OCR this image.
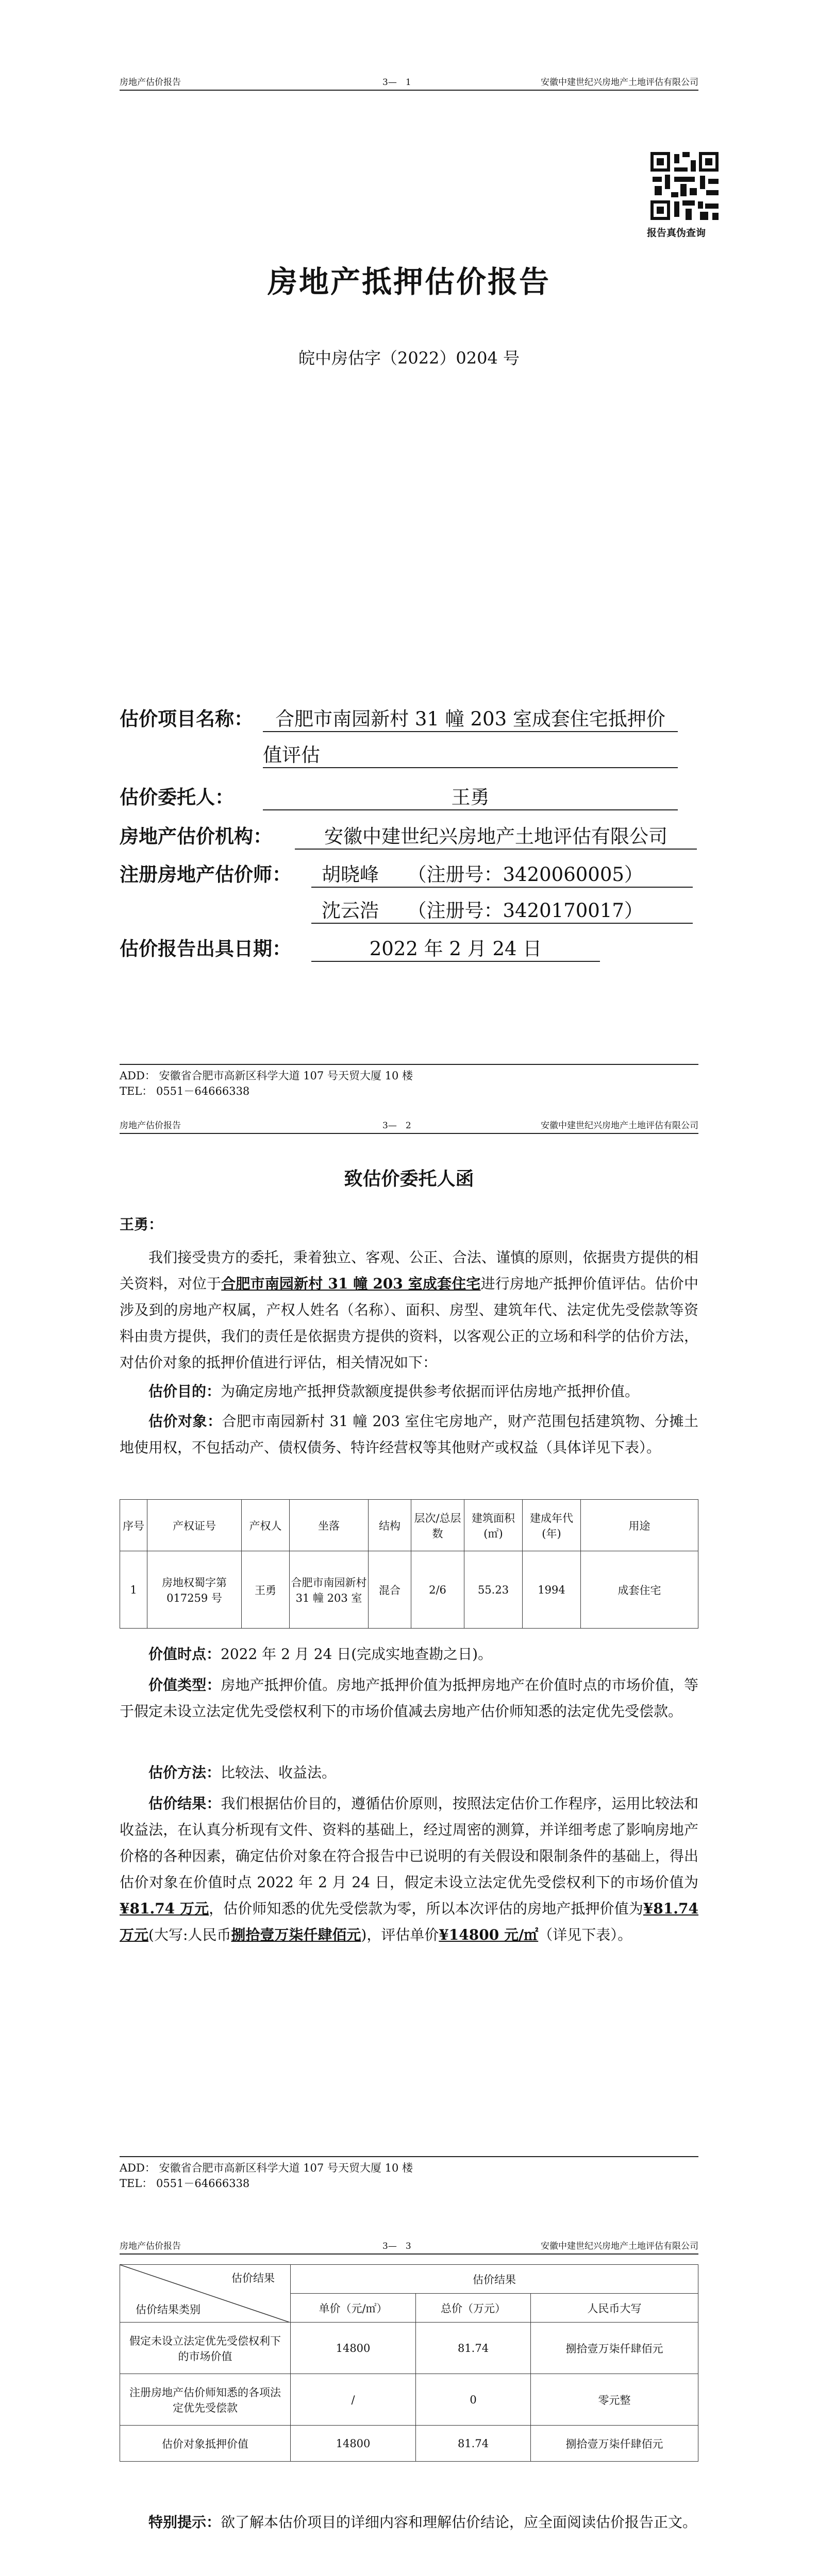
房地产估价报告	3—　 1	安徽中建世纪兴房地产土地评估有限公司
报告真伪查询
房地产抵押估价报告
皖中房估字（2022）0204 号
估价项目名称：	合肥市南园新村 31 幢 203 室成套住宅抵押价
值评估
估价委托人：	王勇
房地产估价机构：	安徽中建世纪兴房地产土地评估有限公司
注册房地产估价师：	胡晓峰　　（注册号：3420060005）
沈云浩　　（注册号：3420170017）
估价报告出具日期：	2022 年 2 月 24 日
ADD： 安徽省合肥市高新区科学大道 107 号天贸大厦 10 楼
TEL： 0551－64666338
房地产估价报告	3—　 2	安徽中建世纪兴房地产土地评估有限公司
致估价委托人函
王勇：
我们接受贵方的委托，秉着独立、客观、公正、合法、谨慎的原则，依据贵方提供的相关资料，对位于合肥市南园新村 31 幢 203 室成套住宅进行房地产抵押价值评估。估价中涉及到的房地产权属，产权人姓名（名称）、面积、房型、建筑年代、法定优先受偿款等资料由贵方提供，我们的责任是依据贵方提供的资料，以客观公正的立场和科学的估价方法，对估价对象的抵押价值进行评估，相关情况如下：
估价目的：为确定房地产抵押贷款额度提供参考依据而评估房地产抵押价值。
估价对象：合肥市南园新村 31 幢 203 室住宅房地产，财产范围包括建筑物、分摊土地使用权，不包括动产、债权债务、特许经营权等其他财产或权益（具体详见下表）。
序号	产权证号	产权人	坐落	结构	层次/总层数	建筑面积(㎡)	建成年代(年)	用途
1	房地权蜀字第 017259 号	王勇	合肥市南园新村 31 幢 203 室	混合	2/6	55.23	1994	成套住宅
价值时点：2022 年 2 月 24 日(完成实地查勘之日)。
价值类型：房地产抵押价值。房地产抵押价值为抵押房地产在价值时点的市场价值，等于假定未设立法定优先受偿权利下的市场价值减去房地产估价师知悉的法定优先受偿款。
估价方法：比较法、收益法。
估价结果：我们根据估价目的，遵循估价原则，按照法定估价工作程序，运用比较法和收益法，在认真分析现有文件、资料的基础上，经过周密的测算，并详细考虑了影响房地产价格的各种因素，确定估价对象在符合报告中已说明的有关假设和限制条件的基础上，得出估价对象在价值时点 2022 年 2 月 24 日，假定未设立法定优先受偿权利下的市场价值为¥81.74 万元，估价师知悉的优先受偿款为零，所以本次评估的房地产抵押价值为¥81.74 万元(大写:人民币捌拾壹万柒仟肆佰元)，评估单价¥14800 元/㎡（详见下表）。
ADD： 安徽省合肥市高新区科学大道 107 号天贸大厦 10 楼
TEL： 0551－64666338
房地产估价报告	3—　 3	安徽中建世纪兴房地产土地评估有限公司
估价结果
估价结果类别	估价结果		
	单价（元/㎡）	总价（万元）	人民币大写
假定未设立法定优先受偿权利下的市场价值	14800	81.74	捌拾壹万柒仟肆佰元
注册房地产估价师知悉的各项法定优先受偿款	/	0	零元整
估价对象抵押价值	14800	81.74	捌拾壹万柒仟肆佰元
特别提示：欲了解本估价项目的详细内容和理解估价结论，应全面阅读估价报告正文。
